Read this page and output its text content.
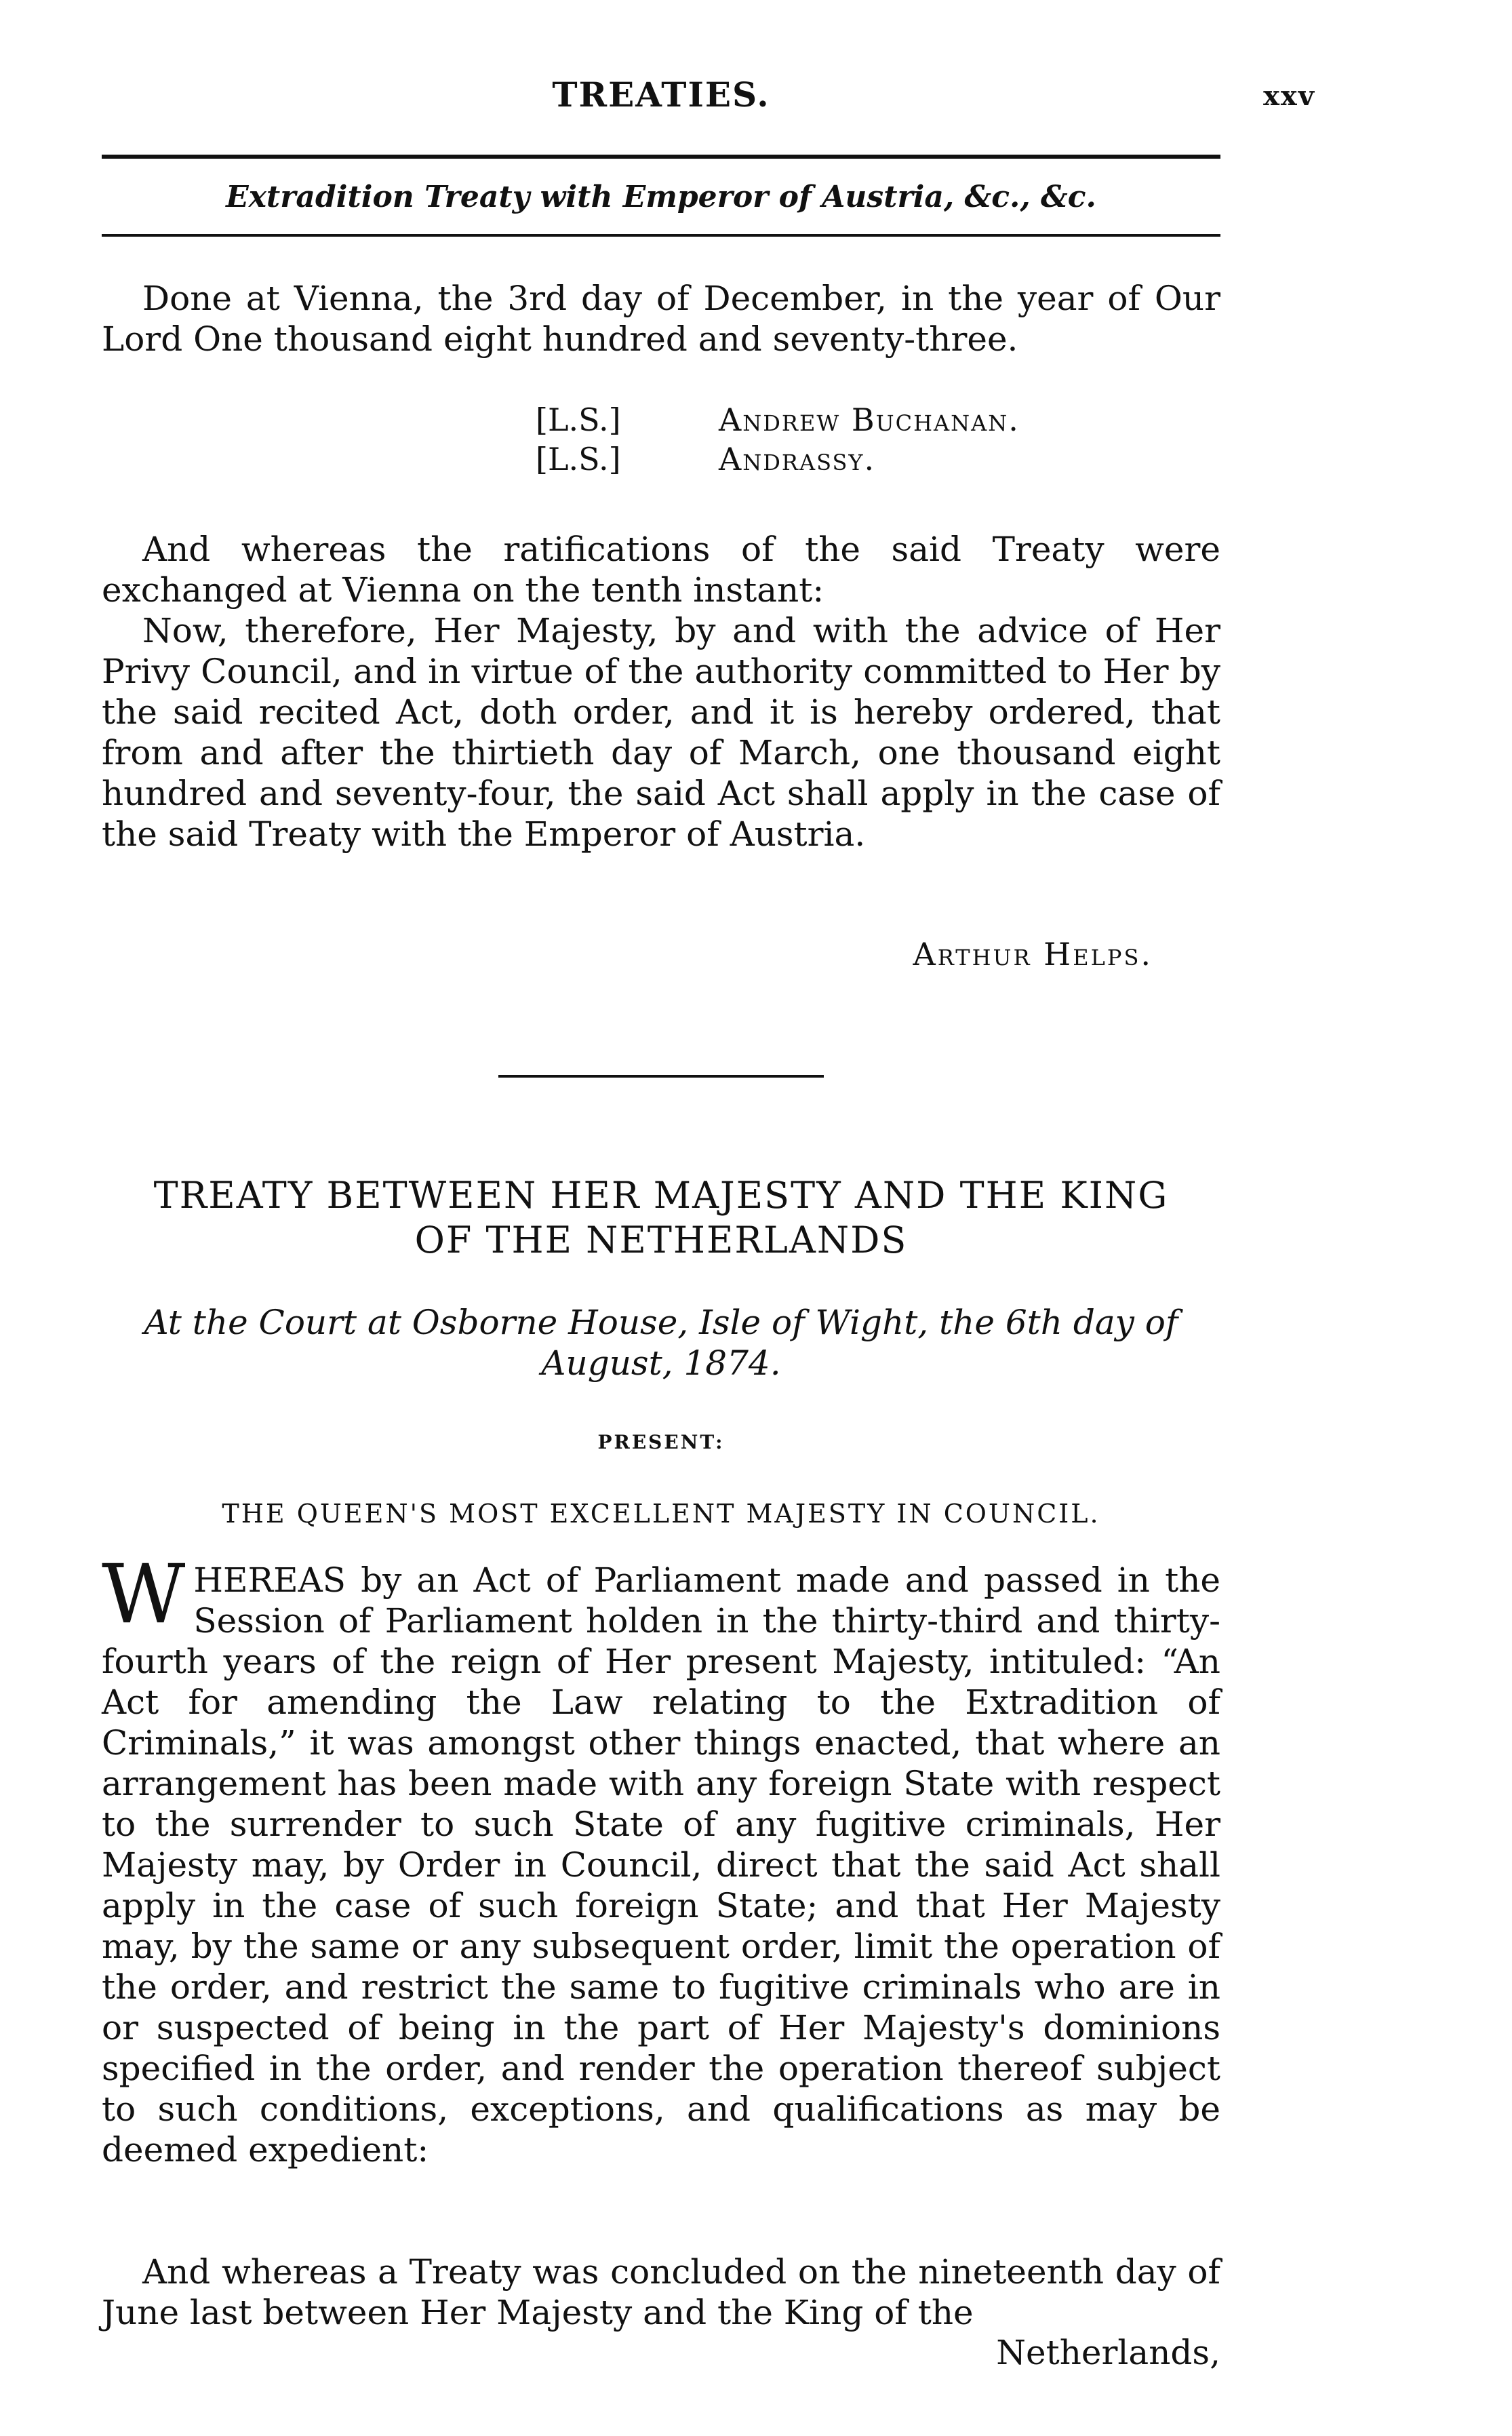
TREATIES.	xxv
Extradition Treaty with Emperor of Austria, &c., &c.

Done at Vienna, the 3rd day of December, in the year of Our Lord One thousand eight hundred and seventy-three.

[L.S.]	Andrew Buchanan.
[L.S.]	Andrassy.

And whereas the ratifications of the said Treaty were exchanged at Vienna on the tenth instant:

Now, therefore, Her Majesty, by and with the advice of Her Privy Council, and in virtue of the authority committed to Her by the said recited Act, doth order, and it is hereby ordered, that from and after the thirtieth day of March, one thousand eight hundred and seventy-four, the said Act shall apply in the case of the said Treaty with the Emperor of Austria.

Arthur Helps.
TREATY BETWEEN HER MAJESTY AND THE KING
OF THE NETHERLANDS
At the Court at Osborne House, Isle of Wight, the 6th day of
August, 1874.
PRESENT:
THE QUEEN'S MOST EXCELLENT MAJESTY IN COUNCIL.

WHEREAS by an Act of Parliament made and passed in the Session of Parliament holden in the thirty-third and thirty-fourth years of the reign of Her present Majesty, intituled: “An Act for amending the Law relating to the Extradition of Criminals,” it was amongst other things enacted, that where an arrangement has been made with any foreign State with respect to the surrender to such State of any fugitive criminals, Her Majesty may, by Order in Council, direct that the said Act shall apply in the case of such foreign State; and that Her Majesty may, by the same or any subsequent order, limit the operation of the order, and restrict the same to fugitive criminals who are in or suspected of being in the part of Her Majesty's dominions specified in the order, and render the operation thereof subject to such conditions, exceptions, and qualifications as may be deemed expedient:

And whereas a Treaty was concluded on the nineteenth day of June last between Her Majesty and the King of the

Netherlands,
